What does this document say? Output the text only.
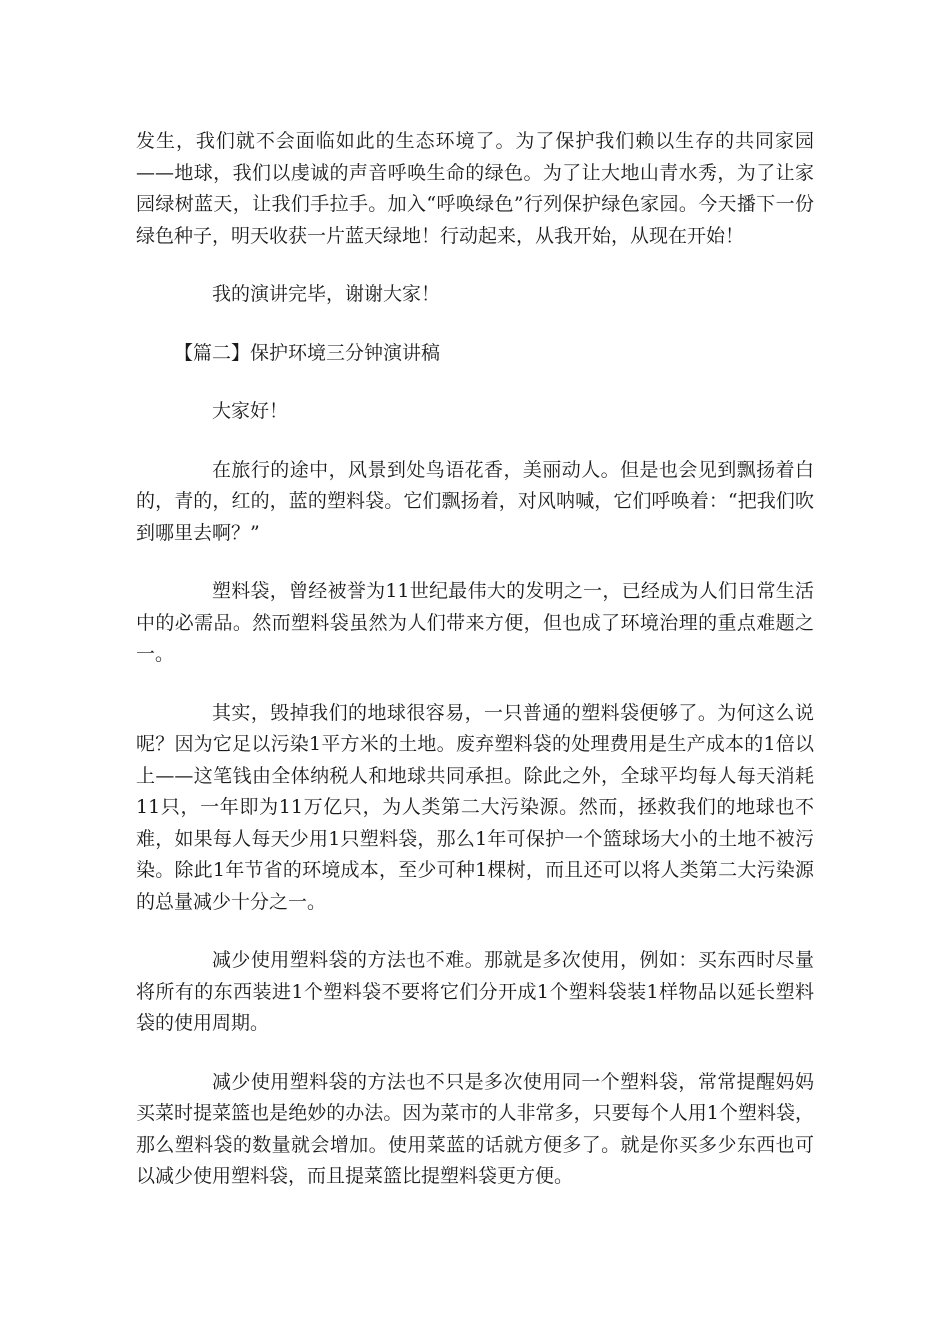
发生，我们就不会面临如此的生态环境了。为了保护我们赖以生存的共同家园——地球，我们以虔诚的声音呼唤生命的绿色。为了让大地山青水秀，为了让家园绿树蓝天，让我们手拉手。加入“呼唤绿色”行列保护绿色家园。今天播下一份绿色种子，明天收获一片蓝天绿地！行动起来，从我开始，从现在开始！

我的演讲完毕，谢谢大家！

【篇二】保护环境三分钟演讲稿

大家好！

在旅行的途中，风景到处鸟语花香，美丽动人。但是也会见到飘扬着白的，青的，红的，蓝的塑料袋。它们飘扬着，对风呐喊，它们呼唤着：“把我们吹到哪里去啊？”

塑料袋，曾经被誉为11世纪最伟大的发明之一，已经成为人们日常生活中的必需品。然而塑料袋虽然为人们带来方便，但也成了环境治理的重点难题之一。

其实，毁掉我们的地球很容易，一只普通的塑料袋便够了。为何这么说呢？因为它足以污染1平方米的土地。废弃塑料袋的处理费用是生产成本的1倍以上——这笔钱由全体纳税人和地球共同承担。除此之外，全球平均每人每天消耗11只，一年即为11万亿只，为人类第二大污染源。然而，拯救我们的地球也不难，如果每人每天少用1只塑料袋，那么1年可保护一个篮球场大小的土地不被污染。除此1年节省的环境成本，至少可种1棵树，而且还可以将人类第二大污染源的总量减少十分之一。

减少使用塑料袋的方法也不难。那就是多次使用，例如：买东西时尽量将所有的东西装进1个塑料袋不要将它们分开成1个塑料袋装1样物品以延长塑料袋的使用周期。

减少使用塑料袋的方法也不只是多次使用同一个塑料袋，常常提醒妈妈买菜时提菜篮也是绝妙的办法。因为菜市的人非常多，只要每个人用1个塑料袋，那么塑料袋的数量就会增加。使用菜蓝的话就方便多了。就是你买多少东西也可以减少使用塑料袋，而且提菜篮比提塑料袋更方便。
